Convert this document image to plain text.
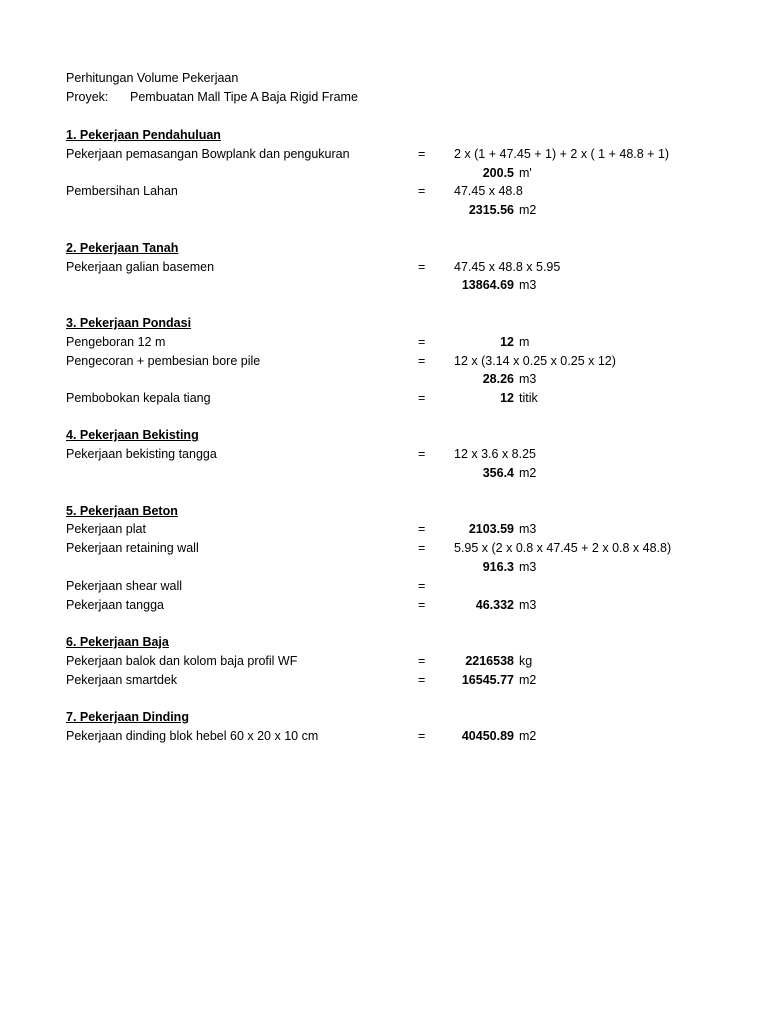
Perhitungan Volume Pekerjaan
Proyek: Pembuatan Mall Tipe A Baja Rigid Frame
1. Pekerjaan Pendahuluan
Pekerjaan pemasangan Bowplank dan pengukuran	= 2 x (1 + 47.45 + 1) + 2 x ( 1 + 48.8 + 1)
200.5 m'
Pembersihan Lahan	= 47.45 x 48.8
2315.56 m2
2. Pekerjaan Tanah
Pekerjaan galian basemen	= 47.45 x 48.8 x 5.95
13864.69 m3
3. Pekerjaan Pondasi
Pengeboran 12 m	=	12 m
Pengecoran + pembesian bore pile	= 12 x (3.14 x 0.25 x 0.25 x 12)
28.26 m3
Pembobokan kepala tiang	=	12 titik
4. Pekerjaan Bekisting
Pekerjaan bekisting tangga	= 12 x 3.6 x 8.25
356.4 m2
5. Pekerjaan Beton
Pekerjaan plat	=	2103.59 m3
Pekerjaan retaining wall	= 5.95 x (2 x 0.8 x 47.45 + 2 x 0.8 x 48.8)
916.3 m3
Pekerjaan shear wall	=
Pekerjaan tangga	=	46.332 m3
6. Pekerjaan Baja
Pekerjaan balok dan kolom baja profil WF	=	2216538 kg
Pekerjaan smartdek	=	16545.77 m2
7. Pekerjaan Dinding
Pekerjaan dinding blok hebel 60 x 20 x 10 cm	=	40450.89 m2
